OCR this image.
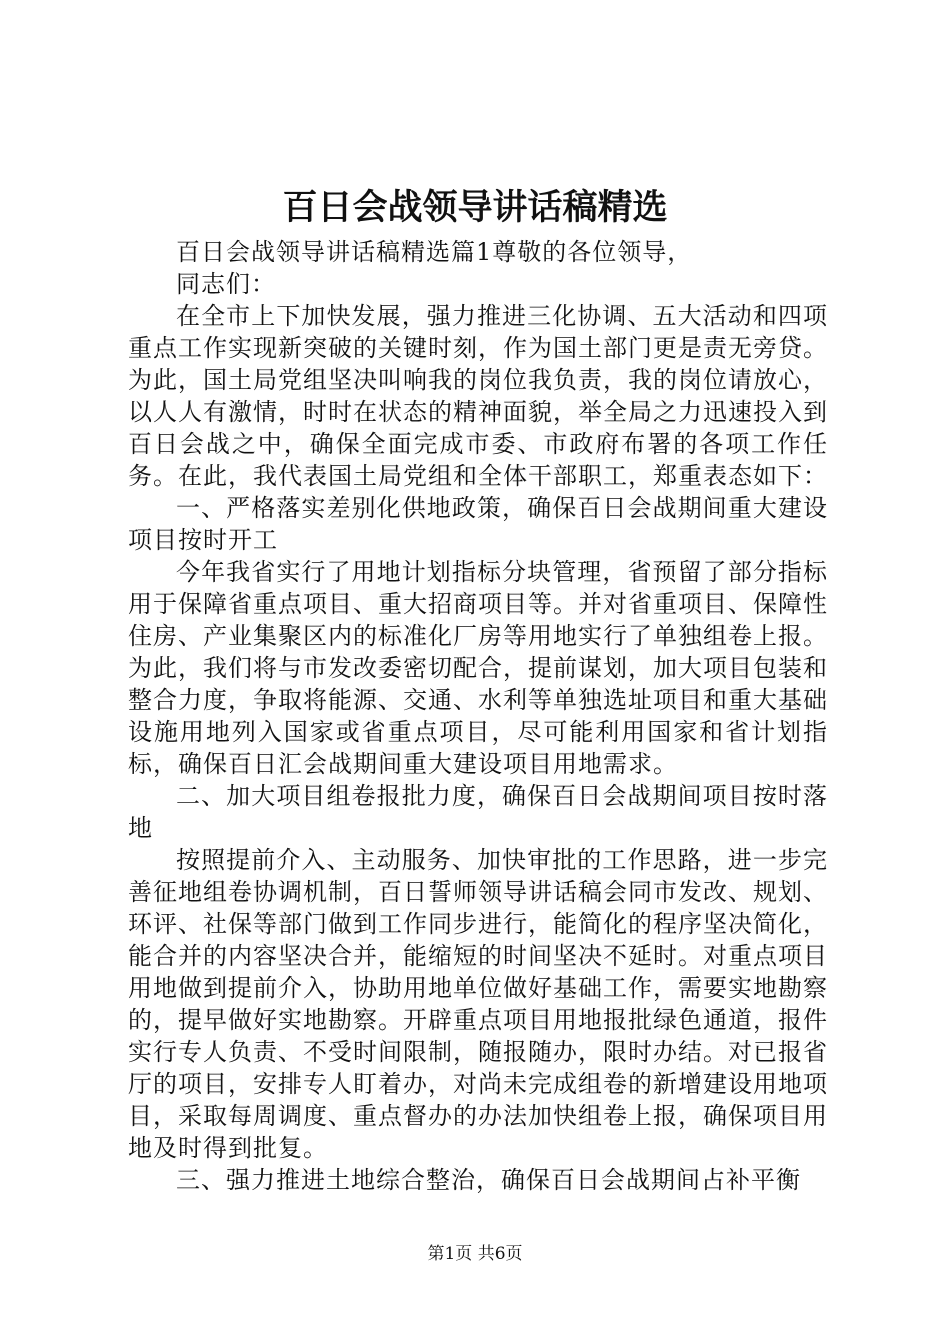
百日会战领导讲话稿精选

百日会战领导讲话稿精选篇1尊敬的各位领导，

同志们：

在全市上下加快发展，强力推进三化协调、五大活动和四项重点工作实现新突破的关键时刻，作为国土部门更是责无旁贷。为此，国土局党组坚决叫响我的岗位我负责，我的岗位请放心，以人人有激情，时时在状态的精神面貌，举全局之力迅速投入到百日会战之中，确保全面完成市委、市政府布署的各项工作任务。在此，我代表国土局党组和全体干部职工，郑重表态如下：

一、严格落实差别化供地政策，确保百日会战期间重大建设项目按时开工

今年我省实行了用地计划指标分块管理，省预留了部分指标用于保障省重点项目、重大招商项目等。并对省重项目、保障性住房、产业集聚区内的标准化厂房等用地实行了单独组卷上报。为此，我们将与市发改委密切配合，提前谋划，加大项目包装和整合力度，争取将能源、交通、水利等单独选址项目和重大基础设施用地列入国家或省重点项目，尽可能利用国家和省计划指标，确保百日汇会战期间重大建设项目用地需求。

二、加大项目组卷报批力度，确保百日会战期间项目按时落地

按照提前介入、主动服务、加快审批的工作思路，进一步完善征地组卷协调机制，百日誓师领导讲话稿会同市发改、规划、环评、社保等部门做到工作同步进行，能简化的程序坚决简化，能合并的内容坚决合并，能缩短的时间坚决不延时。对重点项目用地做到提前介入，协助用地单位做好基础工作，需要实地勘察的，提早做好实地勘察。开辟重点项目用地报批绿色通道，报件实行专人负责、不受时间限制，随报随办，限时办结。对已报省厅的项目，安排专人盯着办，对尚未完成组卷的新增建设用地项目，采取每周调度、重点督办的办法加快组卷上报，确保项目用地及时得到批复。

三、强力推进土地综合整治，确保百日会战期间占补平衡

第1页 共6页
